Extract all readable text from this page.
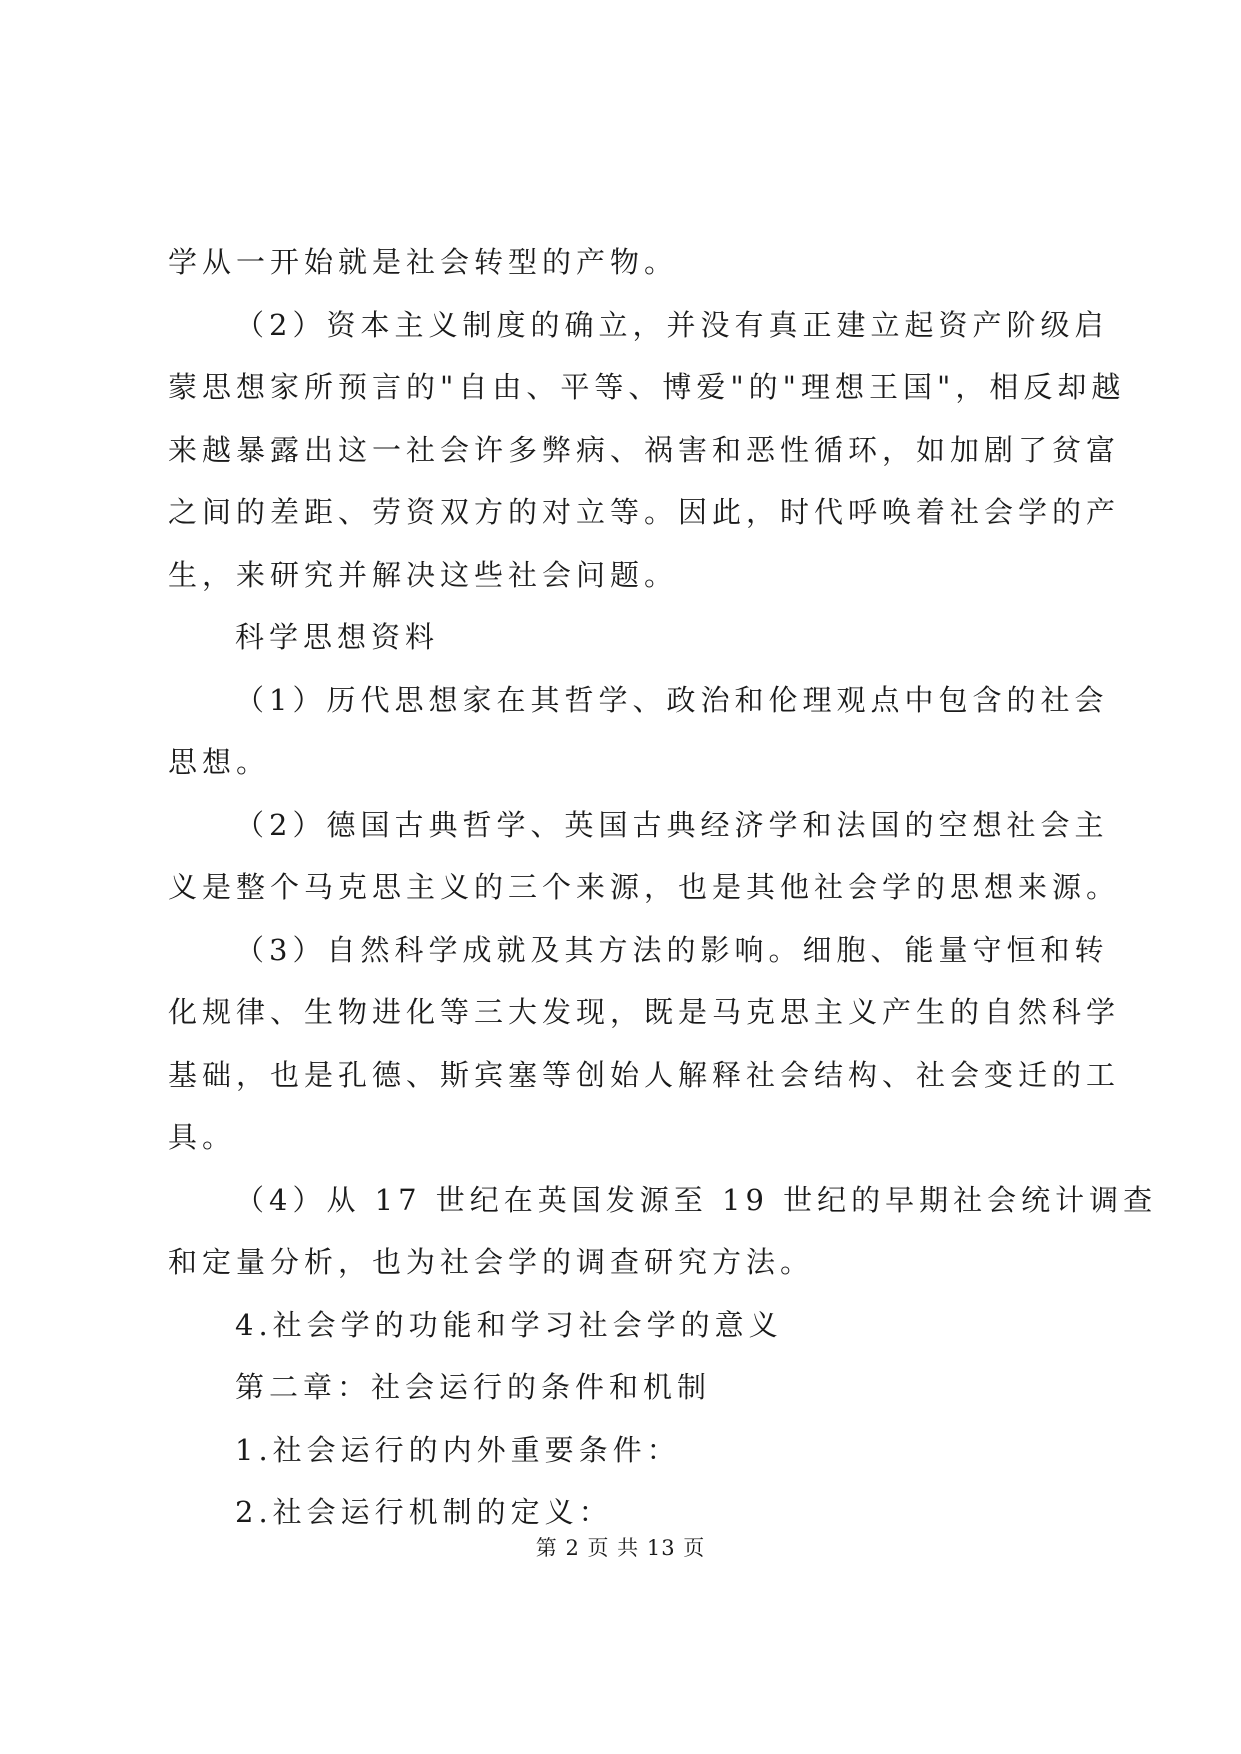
学从一开始就是社会转型的产物。
（2）资本主义制度的确立，并没有真正建立起资产阶级启
蒙思想家所预言的"自由、平等、博爱"的"理想王国"，相反却越
来越暴露出这一社会许多弊病、祸害和恶性循环，如加剧了贫富
之间的差距、劳资双方的对立等。因此，时代呼唤着社会学的产
生，来研究并解决这些社会问题。
科学思想资料
（1）历代思想家在其哲学、政治和伦理观点中包含的社会
思想。
（2）德国古典哲学、英国古典经济学和法国的空想社会主
义是整个马克思主义的三个来源，也是其他社会学的思想来源。
（3）自然科学成就及其方法的影响。细胞、能量守恒和转
化规律、生物进化等三大发现，既是马克思主义产生的自然科学
基础，也是孔德、斯宾塞等创始人解释社会结构、社会变迁的工
具。
（4）从 17 世纪在英国发源至 19 世纪的早期社会统计调查
和定量分析，也为社会学的调查研究方法。
4.社会学的功能和学习社会学的意义
第二章：社会运行的条件和机制
1.社会运行的内外重要条件：
2.社会运行机制的定义：
第 2 页 共 13 页
